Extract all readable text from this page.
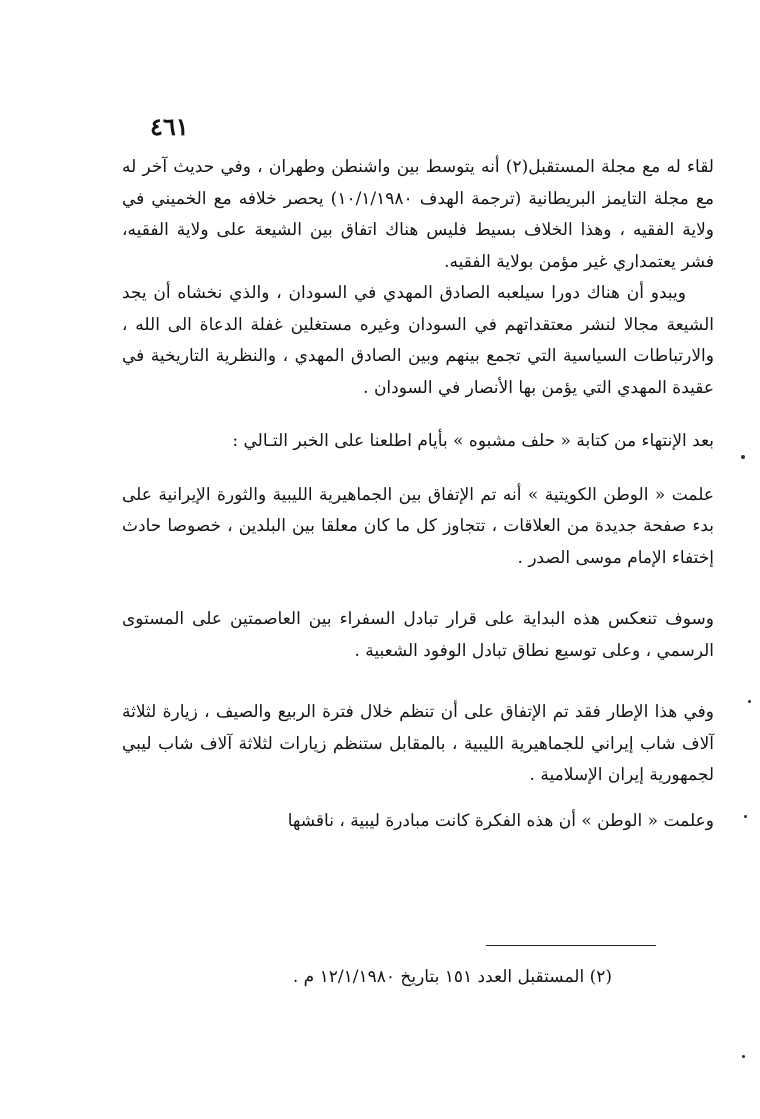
٤٦١

لقاء له مع مجلة المستقبل(٢) أنه يتوسط بين واشنطن وطهران ، وفي حديث آخر له مع مجلة التايمز البريطانية (ترجمة الهدف ١٠/١/١٩٨٠) يحصر خلافه مع الخميني في ولاية الفقيه ، وهذا الخلاف بسيط فليس هناك اتفاق بين الشيعة على ولاية الفقيه، فشر يعتمداري غير مؤمن بولاية الفقيه.

ويبدو أن هناك دورا سيلعبه الصادق المهدي في السودان ، والذي نخشاه أن يجد الشيعة مجالا لنشر معتقداتهم في السودان وغيره مستغلين غفلة الدعاة الى الله ، والارتباطات السياسية التي تجمع بينهم وبين الصادق المهدي ، والنظرية التاريخية في عقيدة المهدي التي يؤمن بها الأنصار في السودان .

بعد الإنتهاء من كتابة « حلف مشبوه » بأيام اطلعنا على الخبر التـالي :

علمت « الوطن الكويتية » أنه تم الإتفاق بين الجماهيرية الليبية والثورة الإيرانية على بدء صفحة جديدة من العلاقات ، تتجاوز كل ما كان معلقا بين البلدين ، خصوصا حادث إختفاء الإمام موسى الصدر .

وسوف تنعكس هذه البداية على قرار تبادل السفراء بين العاصمتين على المستوى الرسمي ، وعلى توسيع نطاق تبادل الوفود الشعبية .

وفي هذا الإطار فقد تم الإتفاق على أن تنظم خلال فترة الربيع والصيف ، زيارة لثلاثة آلاف شاب إيراني للجماهيرية الليبية ، بالمقابل ستنظم زيارات لثلاثة آلاف شاب ليبي لجمهورية إيران الإسلامية .

وعلمت « الوطن » أن هذه الفكرة كانت مبادرة ليبية ، ناقشها

(٢) المستقبل العدد ١٥١ بتاريخ ١٢/١/١٩٨٠ م .
